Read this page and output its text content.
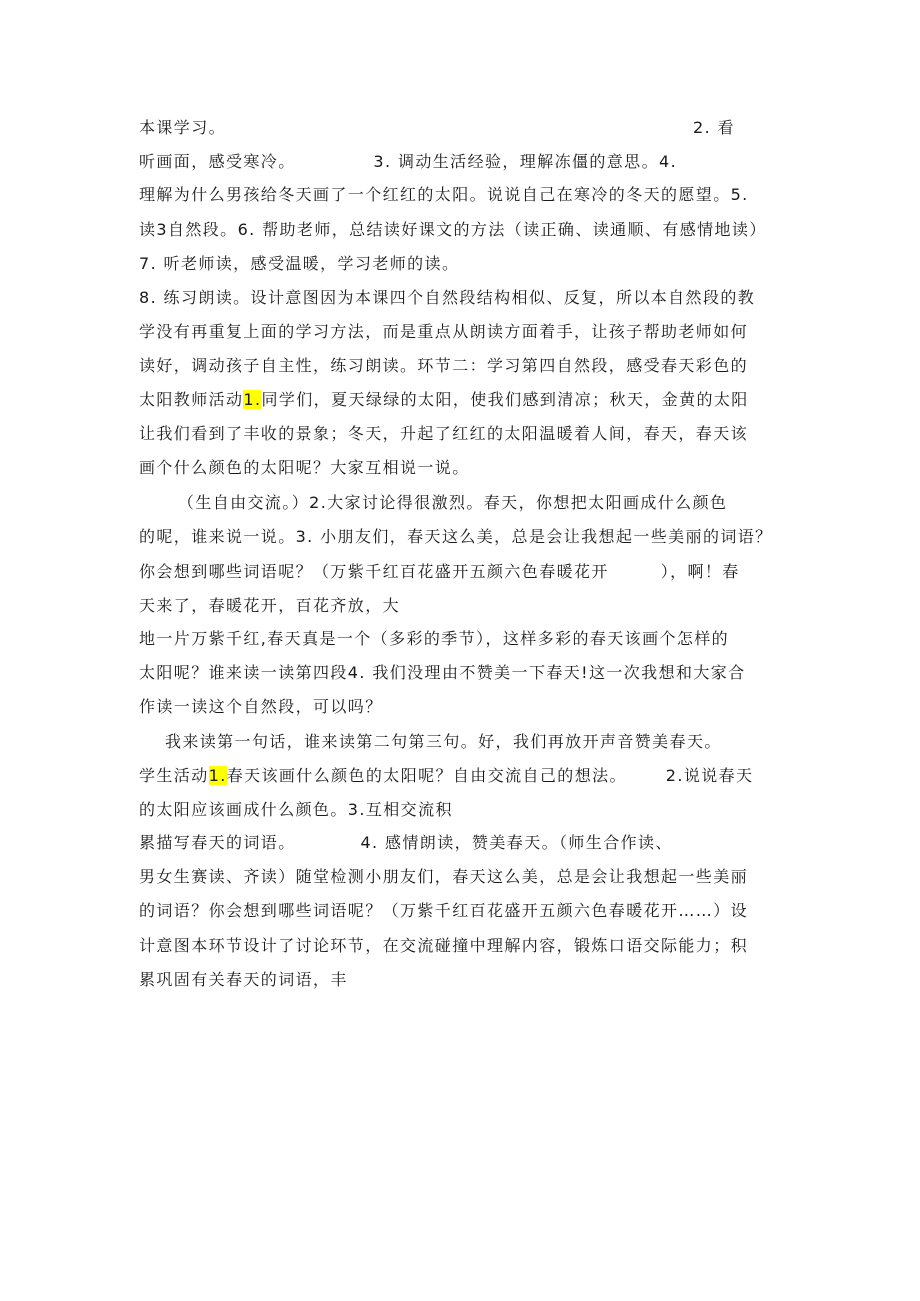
本课学习。                                                                        2. 看
听画面，感受寒冷。            3. 调动生活经验，理解冻僵的意思。4.
理解为什么男孩给冬天画了一个红红的太阳。说说自己在寒冷的冬天的愿望。5.
读3自然段。6. 帮助老师，总结读好课文的方法（读正确、读通顺、有感情地读）
7. 听老师读，感受温暖，学习老师的读。
8. 练习朗读。设计意图因为本课四个自然段结构相似、反复，所以本自然段的教
学没有再重复上面的学习方法，而是重点从朗读方面着手，让孩子帮助老师如何
读好，调动孩子自主性，练习朗读。环节二：学习第四自然段，感受春天彩色的
太阳教师活动1.同学们，夏天绿绿的太阳，使我们感到清凉；秋天，金黄的太阳
让我们看到了丰收的景象；冬天，升起了红红的太阳温暖着人间，春天，春天该
画个什么颜色的太阳呢？大家互相说一说。
（生自由交流。）2.大家讨论得很激烈。春天，你想把太阳画成什么颜色
的呢，谁来说一说。3. 小朋友们，春天这么美，总是会让我想起一些美丽的词语？
你会想到哪些词语呢？（万紫千红百花盛开五颜六色春暖花开        ），啊！春
天来了，春暖花开，百花齐放，大
地一片万紫千红,春天真是一个（多彩的季节），这样多彩的春天该画个怎样的
太阳呢？谁来读一读第四段4. 我们没理由不赞美一下春天!这一次我想和大家合
作读一读这个自然段，可以吗？
我来读第一句话，谁来读第二句第三句。好，我们再放开声音赞美春天。
学生活动1.春天该画什么颜色的太阳呢？自由交流自己的想法。      2.说说春天
的太阳应该画成什么颜色。3.互相交流积
累描写春天的词语。          4. 感情朗读，赞美春天。（师生合作读、
男女生赛读、齐读）随堂检测小朋友们，春天这么美，总是会让我想起一些美丽
的词语？你会想到哪些词语呢？（万紫千红百花盛开五颜六色春暖花开……）设
计意图本环节设计了讨论环节，在交流碰撞中理解内容，锻炼口语交际能力；积
累巩固有关春天的词语，丰
